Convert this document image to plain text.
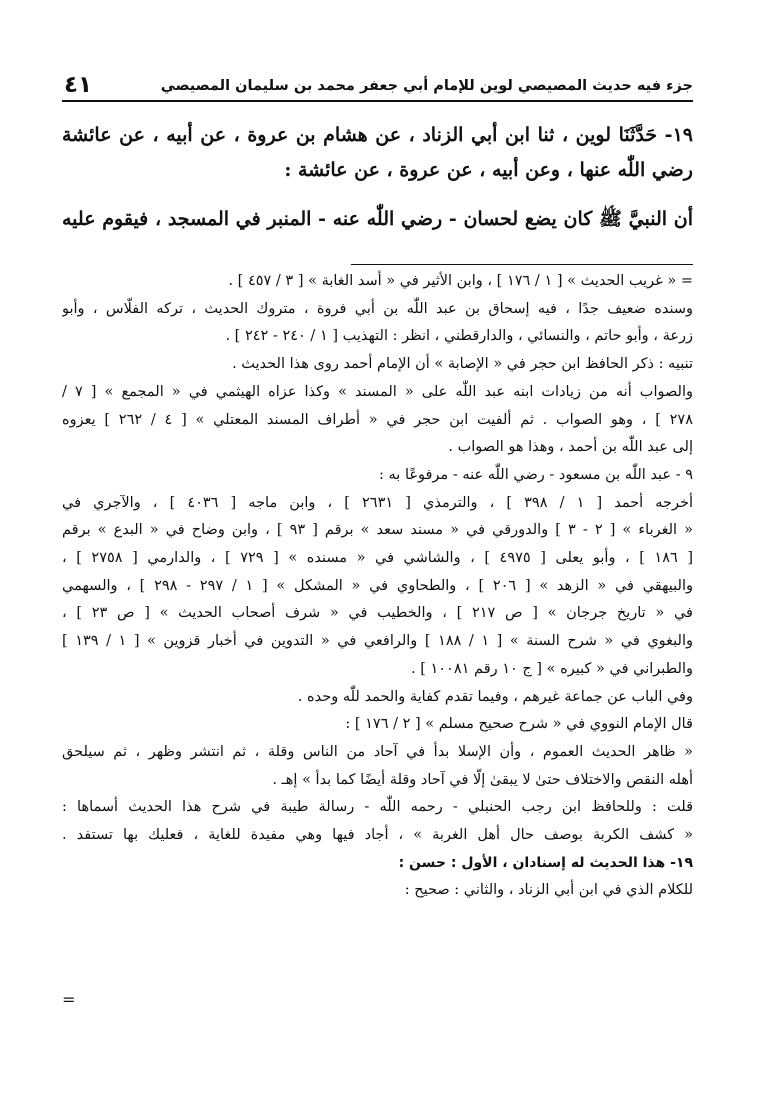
جزء فيه حديث المصيصي لوين للإمام أبي جعفر محمد بن سليمان المصيصي
٤١
١٩- حَدَّثَنَا لوين ، ثنا ابن أبي الزناد ، عن هشام بن عروة ، عن أبيه ، عن عائشة
رضي اللّٰه عنها ، وعن أبيه ، عن عروة ، عن عائشة :
أن النبيَّ ﷺ كان يضع لحسان - رضي اللّٰه عنه - المنبر في المسجد ، فيقوم عليه
= « غريب الحديث » [ ١ / ١٧٦ ] ، وابن الأثير في « أسد الغابة » [ ٣ / ٤٥٧ ] .
وسنده ضعيف جدًا ، فيه إسحاق بن عبد اللّٰه بن أبي فروة ، متروك الحديث ، تركه الفلّاس ، وأبو
زرعة ، وأبو حاتم ، والنسائي ، والدارقطني ، انظر : التهذيب [ ١ / ٢٤٠ - ٢٤٢ ] .
تنبيه : ذكر الحافظ ابن حجر في « الإصابة » أن الإمام أحمد روى هذا الحديث .
والصواب أنه من زيادات ابنه عبد اللّٰه على « المسند » وكذا عزاه الهيثمي في « المجمع » [ ٧ /
٢٧٨ ] ، وهو الصواب . ثم ألفيت ابن حجر في « أطراف المسند المعتلي » [ ٤ / ٢٦٢ ] يعزوه
إلى عبد اللّٰه بن أحمد ، وهذا هو الصواب .
٩ - عبد اللّٰه بن مسعود - رضي اللّٰه عنه - مرفوعًا به :
أخرجه أحمد [ ١ / ٣٩٨ ] ، والترمذي [ ٢٦٣١ ] ، وابن ماجه [ ٤٠٣٦ ] ، والآجري في
« الغرباء » [ ٢ - ٣ ] والدورقي في « مسند سعد » برقم [ ٩٣ ] ، وابن وضاح في « البدع » برقم
[ ١٨٦ ] ، وأبو يعلى [ ٤٩٧٥ ] ، والشاشي في « مسنده » [ ٧٢٩ ] ، والدارمي [ ٢٧٥٨ ] ،
والبيهقي في « الزهد » [ ٢٠٦ ] ، والطحاوي في « المشكل » [ ١ / ٢٩٧ - ٢٩٨ ] ، والسهمي
في « تاريخ جرجان » [ ص ٢١٧ ] ، والخطيب في « شرف أصحاب الحديث » [ ص ٢٣ ] ،
والبغوي في « شرح السنة » [ ١ / ١٨٨ ] والرافعي في « التدوين في أخبار قزوين » [ ١ / ١٣٩ ]
والطبراني في « كبيره » [ ج ١٠ رقم ١٠٠٨١ ] .
وفي الباب عن جماعة غيرهم ، وفيما تقدم كفاية والحمد للّٰه وحده .
قال الإمام النووي في « شرح صحيح مسلم » [ ٢ / ١٧٦ ] :
« ظاهر الحديث العموم ، وأن الإسلا بدأ في آحاد من الناس وقلة ، ثم انتشر وظهر ، ثم سيلحق
أهله النقص والاختلاف حتىٰ لا يبقىٰ إلّا في آحاد وقلة أيضًا كما بدأ » إهـ .
قلت : وللحافظ ابن رجب الحنبلي - رحمه اللّٰه - رسالة طيبة في شرح هذا الحديث أسماها :
« كشف الكربة بوصف حال أهل الغربة » ، أجاد فيها وهي مفيدة للغاية ، فعليك بها تستفد .
١٩- هذا الحديث له إسنادان ، الأول : حسن :
للكلام الذي في ابن أبي الزناد ، والثاني : صحيح :
=
